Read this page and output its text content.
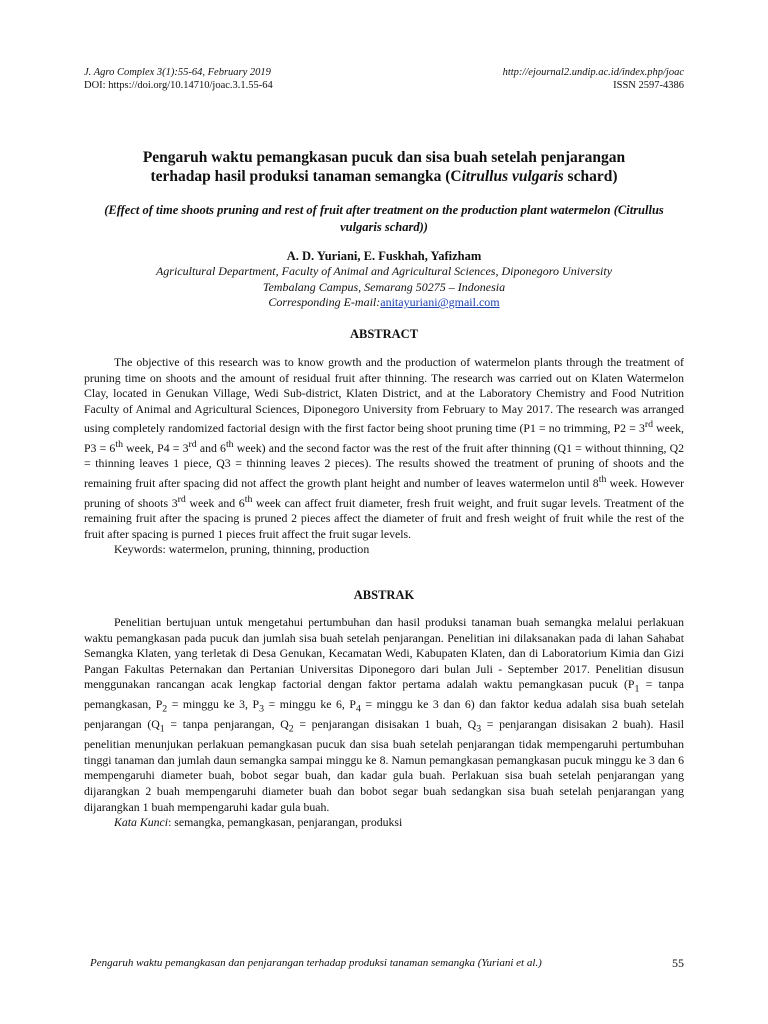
J. Agro Complex 3(1):55-64, February 2019	http://ejournal2.undip.ac.id/index.php/joac
DOI: https://doi.org/10.14710/joac.3.1.55-64	ISSN 2597-4386
Pengaruh waktu pemangkasan pucuk dan sisa buah setelah penjarangan
terhadap hasil produksi tanaman semangka (Citrullus vulgaris schard)
(Effect of time shoots pruning and rest of fruit after treatment on the production plant watermelon (Citrullus vulgaris schard))
A. D. Yuriani, E. Fuskhah, Yafizham
Agricultural Department, Faculty of Animal and Agricultural Sciences, Diponegoro University
Tembalang Campus, Semarang 50275 – Indonesia
Corresponding E-mail:anitayuriani@gmail.com
ABSTRACT

The objective of this research was to know growth and the production of watermelon plants through the treatment of pruning time on shoots and the amount of residual fruit after thinning. The research was carried out on Klaten Watermelon Clay, located in Genukan Village, Wedi Sub-district, Klaten District, and at the Laboratory Chemistry and Food Nutrition Faculty of Animal and Agricultural Sciences, Diponegoro University from February to May 2017. The research was arranged using completely randomized factorial design with the first factor being shoot pruning time (P1 = no trimming, P2 = 3rd week, P3 = 6th week, P4 = 3rd and 6th week) and the second factor was the rest of the fruit after thinning (Q1 = without thinning, Q2 = thinning leaves 1 piece, Q3 = thinning leaves 2 pieces). The results showed the treatment of pruning of shoots and the remaining fruit after spacing did not affect the growth plant height and number of leaves watermelon until 8th week. However pruning of shoots 3rd week and 6th week can affect fruit diameter, fresh fruit weight, and fruit sugar levels. Treatment of the remaining fruit after the spacing is pruned 2 pieces affect the diameter of fruit and fresh weight of fruit while the rest of the fruit after spacing is purned 1 pieces fruit affect the fruit sugar levels.

Keywords: watermelon, pruning, thinning, production
ABSTRAK

Penelitian bertujuan untuk mengetahui pertumbuhan dan hasil produksi tanaman buah semangka melalui perlakuan waktu pemangkasan pada pucuk dan jumlah sisa buah setelah penjarangan. Penelitian ini dilaksanakan pada di lahan Sahabat Semangka Klaten, yang terletak di Desa Genukan, Kecamatan Wedi, Kabupaten Klaten, dan di Laboratorium Kimia dan Gizi Pangan Fakultas Peternakan dan Pertanian Universitas Diponegoro dari bulan Juli - September 2017. Penelitian disusun menggunakan rancangan acak lengkap factorial dengan faktor pertama adalah waktu pemangkasan pucuk ($P_1$ = tanpa pemangkasan, $P_2$ = minggu ke 3, $P_3$ = minggu ke 6, $P_4$ = minggu ke 3 dan 6) dan faktor kedua adalah sisa buah setelah penjarangan ($Q_1$ = tanpa penjarangan, $Q_2$ = penjarangan disisakan 1 buah, $Q_3$ = penjarangan disisakan 2 buah). Hasil penelitian menunjukan perlakuan pemangkasan pucuk dan sisa buah setelah penjarangan tidak mempengaruhi pertumbuhan tinggi tanaman dan jumlah daun semangka sampai minggu ke 8. Namun pemangkasan pemangkasan pucuk minggu ke 3 dan 6 mempengaruhi diameter buah, bobot segar buah, dan kadar gula buah. Perlakuan sisa buah setelah penjarangan yang dijarangkan 2 buah mempengaruhi diameter buah dan bobot segar buah sedangkan sisa buah setelah penjarangan yang dijarangkan 1 buah mempengaruhi kadar gula buah.

Kata Kunci: semangka, pemangkasan, penjarangan, produksi
Pengaruh waktu pemangkasan dan penjarangan terhadap produksi tanaman semangka (Yuriani et al.)	55
